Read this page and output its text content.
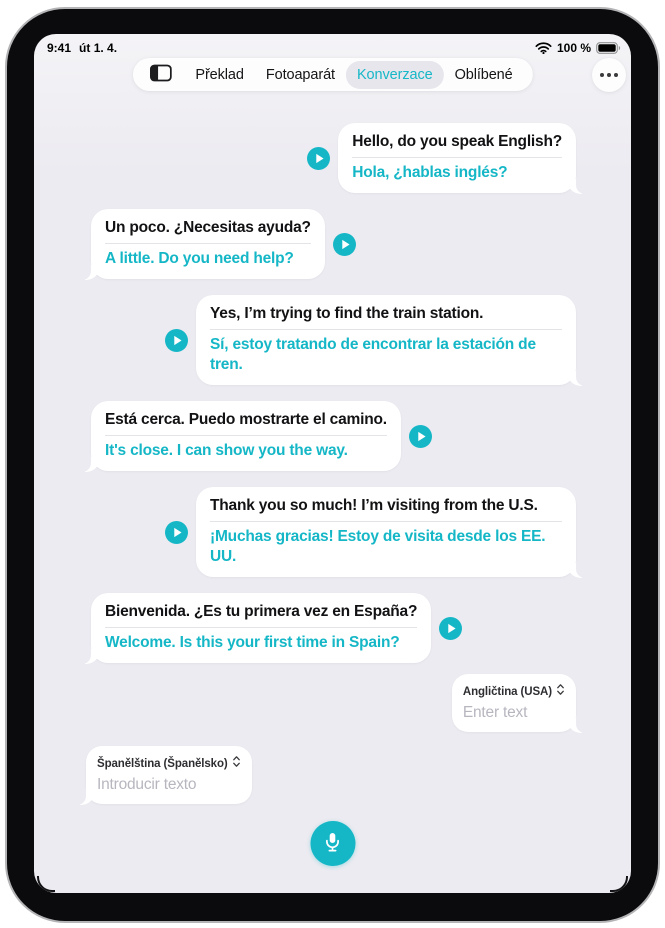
9:41 út 1. 4.	100 %
Překlad	Fotoaparát	Konverzace	Oblíbené
Hello, do you speak English?
Hola, ¿hablas inglés?
Un poco. ¿Necesitas ayuda?
A little. Do you need help?
Yes, I’m trying to find the train station.
Sí, estoy tratando de encontrar la estación de tren.
Está cerca. Puedo mostrarte el camino.
It's close. I can show you the way.
Thank you so much! I’m visiting from the U.S.
¡Muchas gracias! Estoy de visita desde los EE. UU.
Bienvenida. ¿Es tu primera vez en España?
Welcome. Is this your first time in Spain?
Angličtina (USA)
Enter text
Španělština (Španělsko)
Introducir texto
